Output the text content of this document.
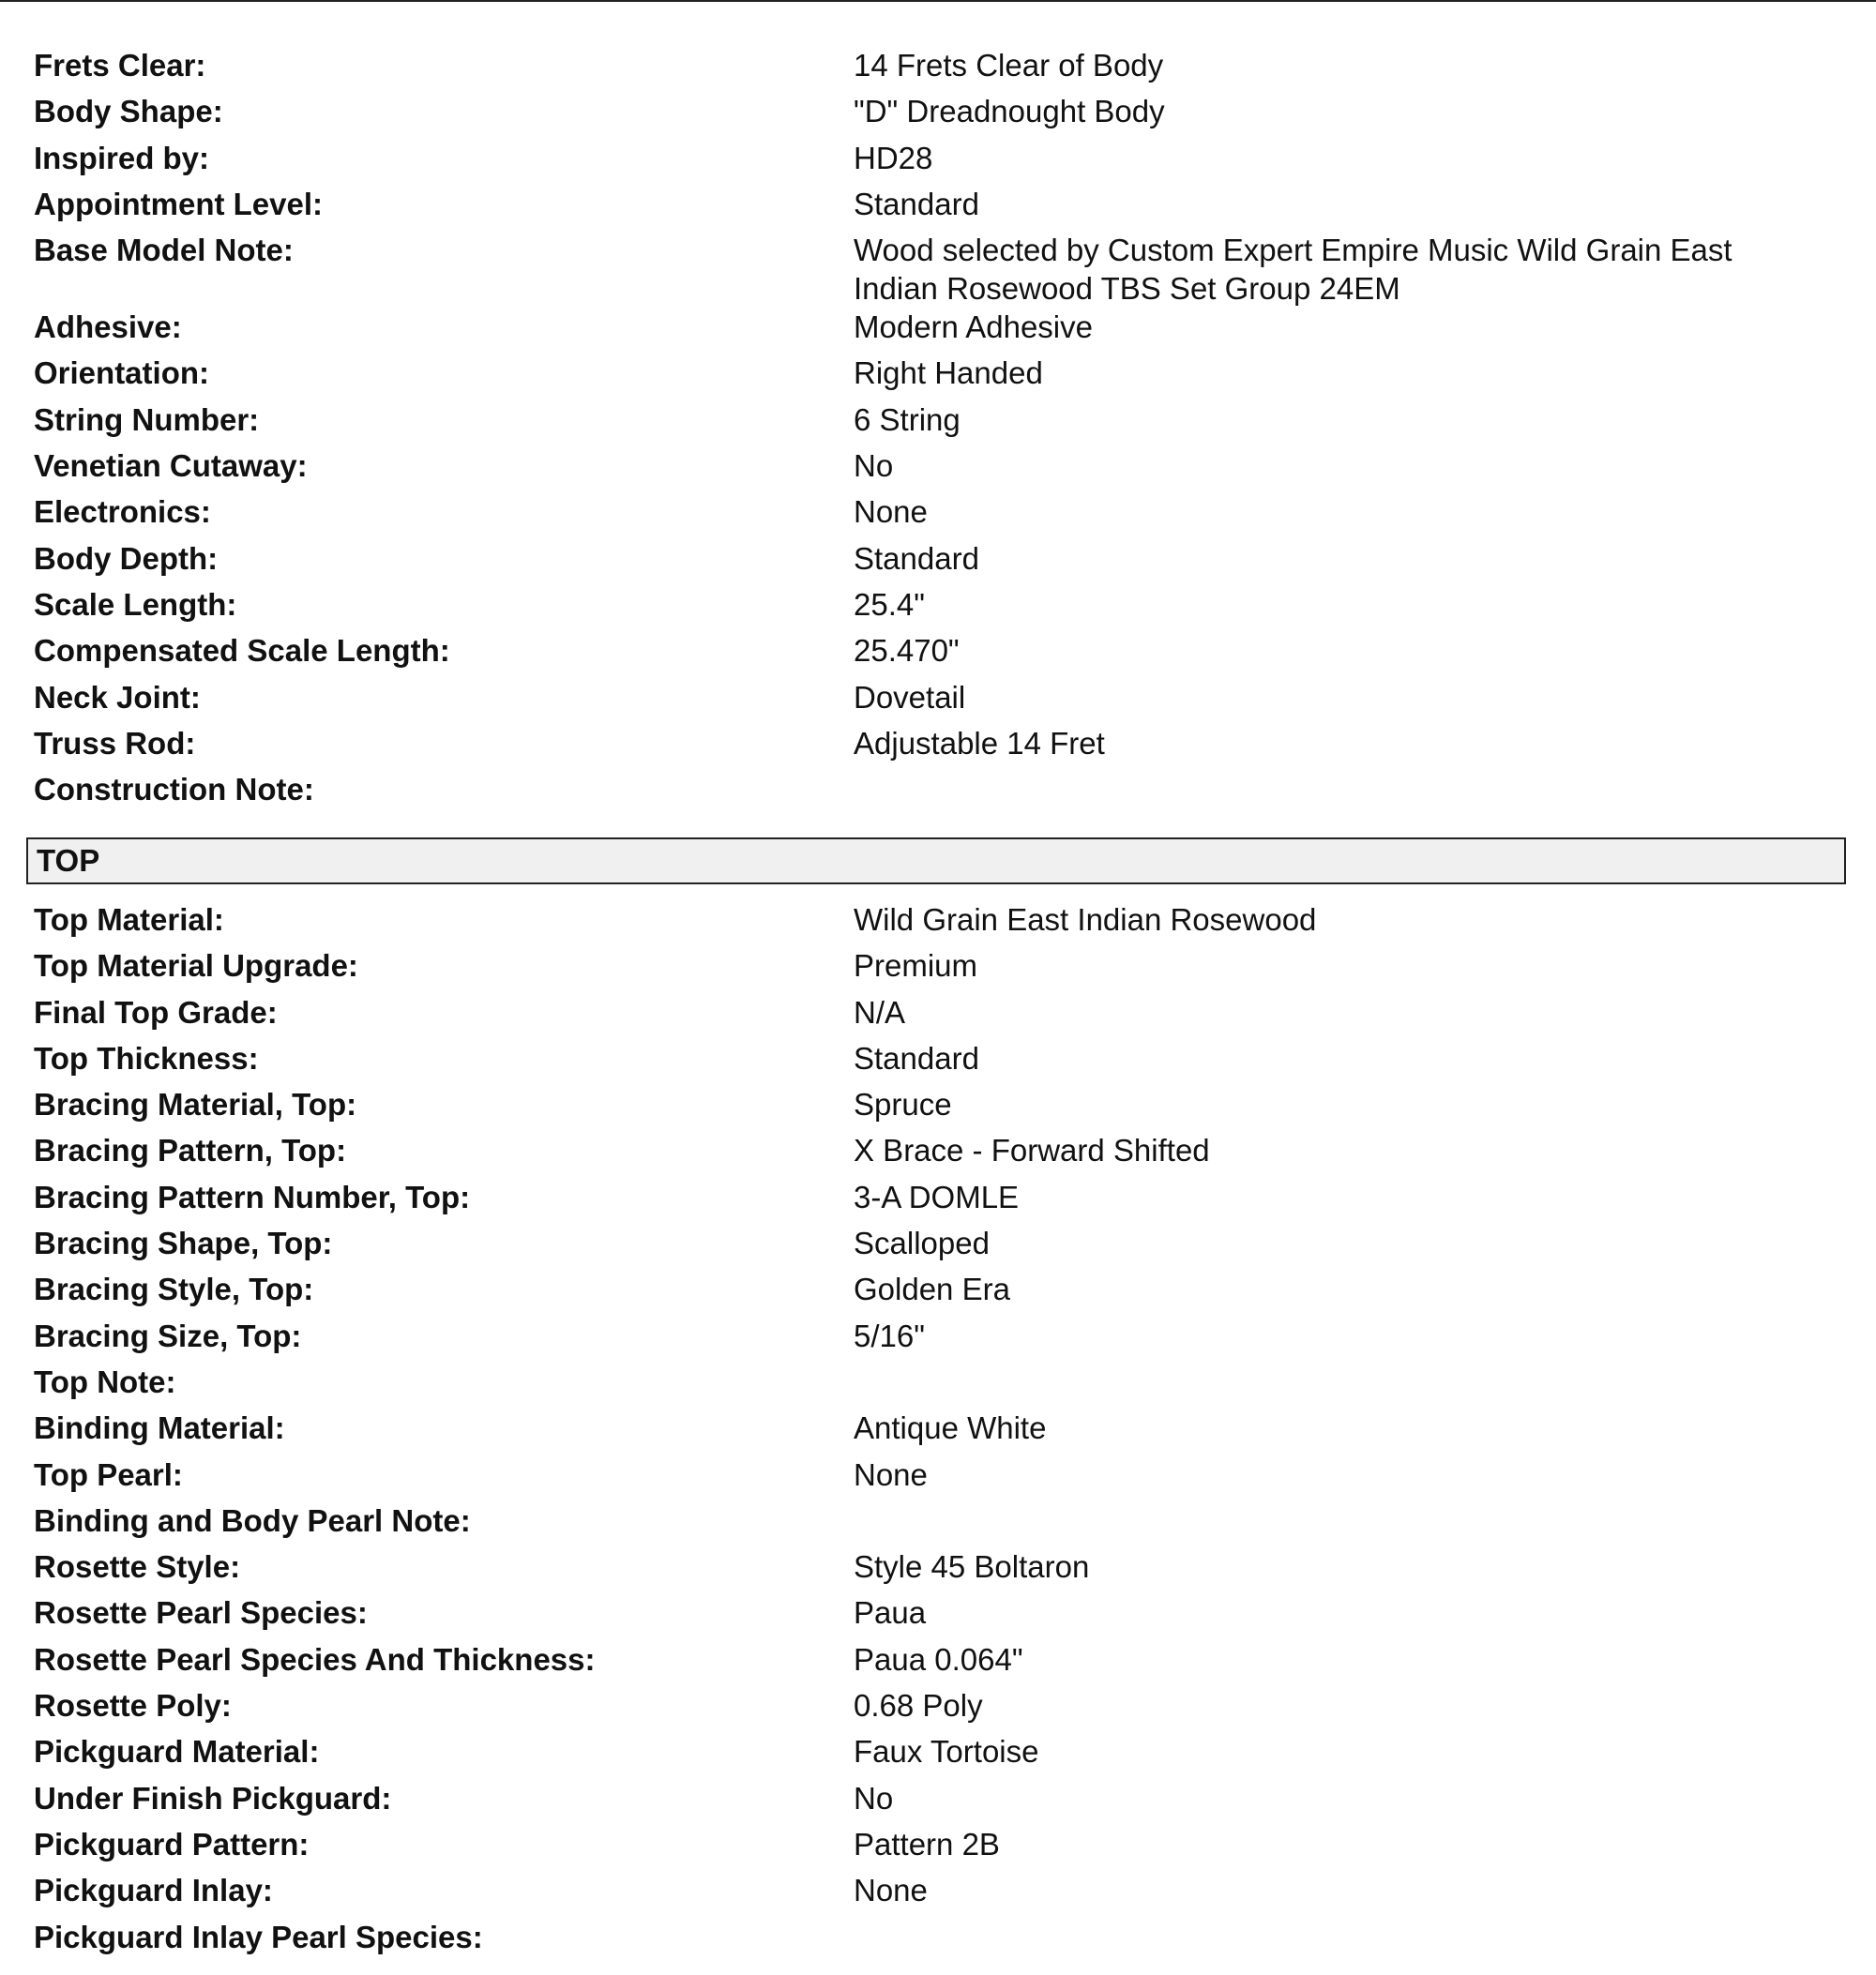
Frets Clear:	14 Frets Clear of Body
Body Shape:	"D" Dreadnought Body
Inspired by:	HD28
Appointment Level:	Standard
Base Model Note:	Wood selected by Custom Expert Empire Music Wild Grain East Indian Rosewood TBS Set Group 24EM
Adhesive:	Modern Adhesive
Orientation:	Right Handed
String Number:	6 String
Venetian Cutaway:	No
Electronics:	None
Body Depth:	Standard
Scale Length:	25.4"
Compensated Scale Length:	25.470"
Neck Joint:	Dovetail
Truss Rod:	Adjustable 14 Fret
Construction Note:
TOP
Top Material:	Wild Grain East Indian Rosewood
Top Material Upgrade:	Premium
Final Top Grade:	N/A
Top Thickness:	Standard
Bracing Material, Top:	Spruce
Bracing Pattern, Top:	X Brace - Forward Shifted
Bracing Pattern Number, Top:	3-A DOMLE
Bracing Shape, Top:	Scalloped
Bracing Style, Top:	Golden Era
Bracing Size, Top:	5/16"
Top Note:
Binding Material:	Antique White
Top Pearl:	None
Binding and Body Pearl Note:
Rosette Style:	Style 45 Boltaron
Rosette Pearl Species:	Paua
Rosette Pearl Species And Thickness:	Paua 0.064"
Rosette Poly:	0.68 Poly
Pickguard Material:	Faux Tortoise
Under Finish Pickguard:	No
Pickguard Pattern:	Pattern 2B
Pickguard Inlay:	None
Pickguard Inlay Pearl Species:
